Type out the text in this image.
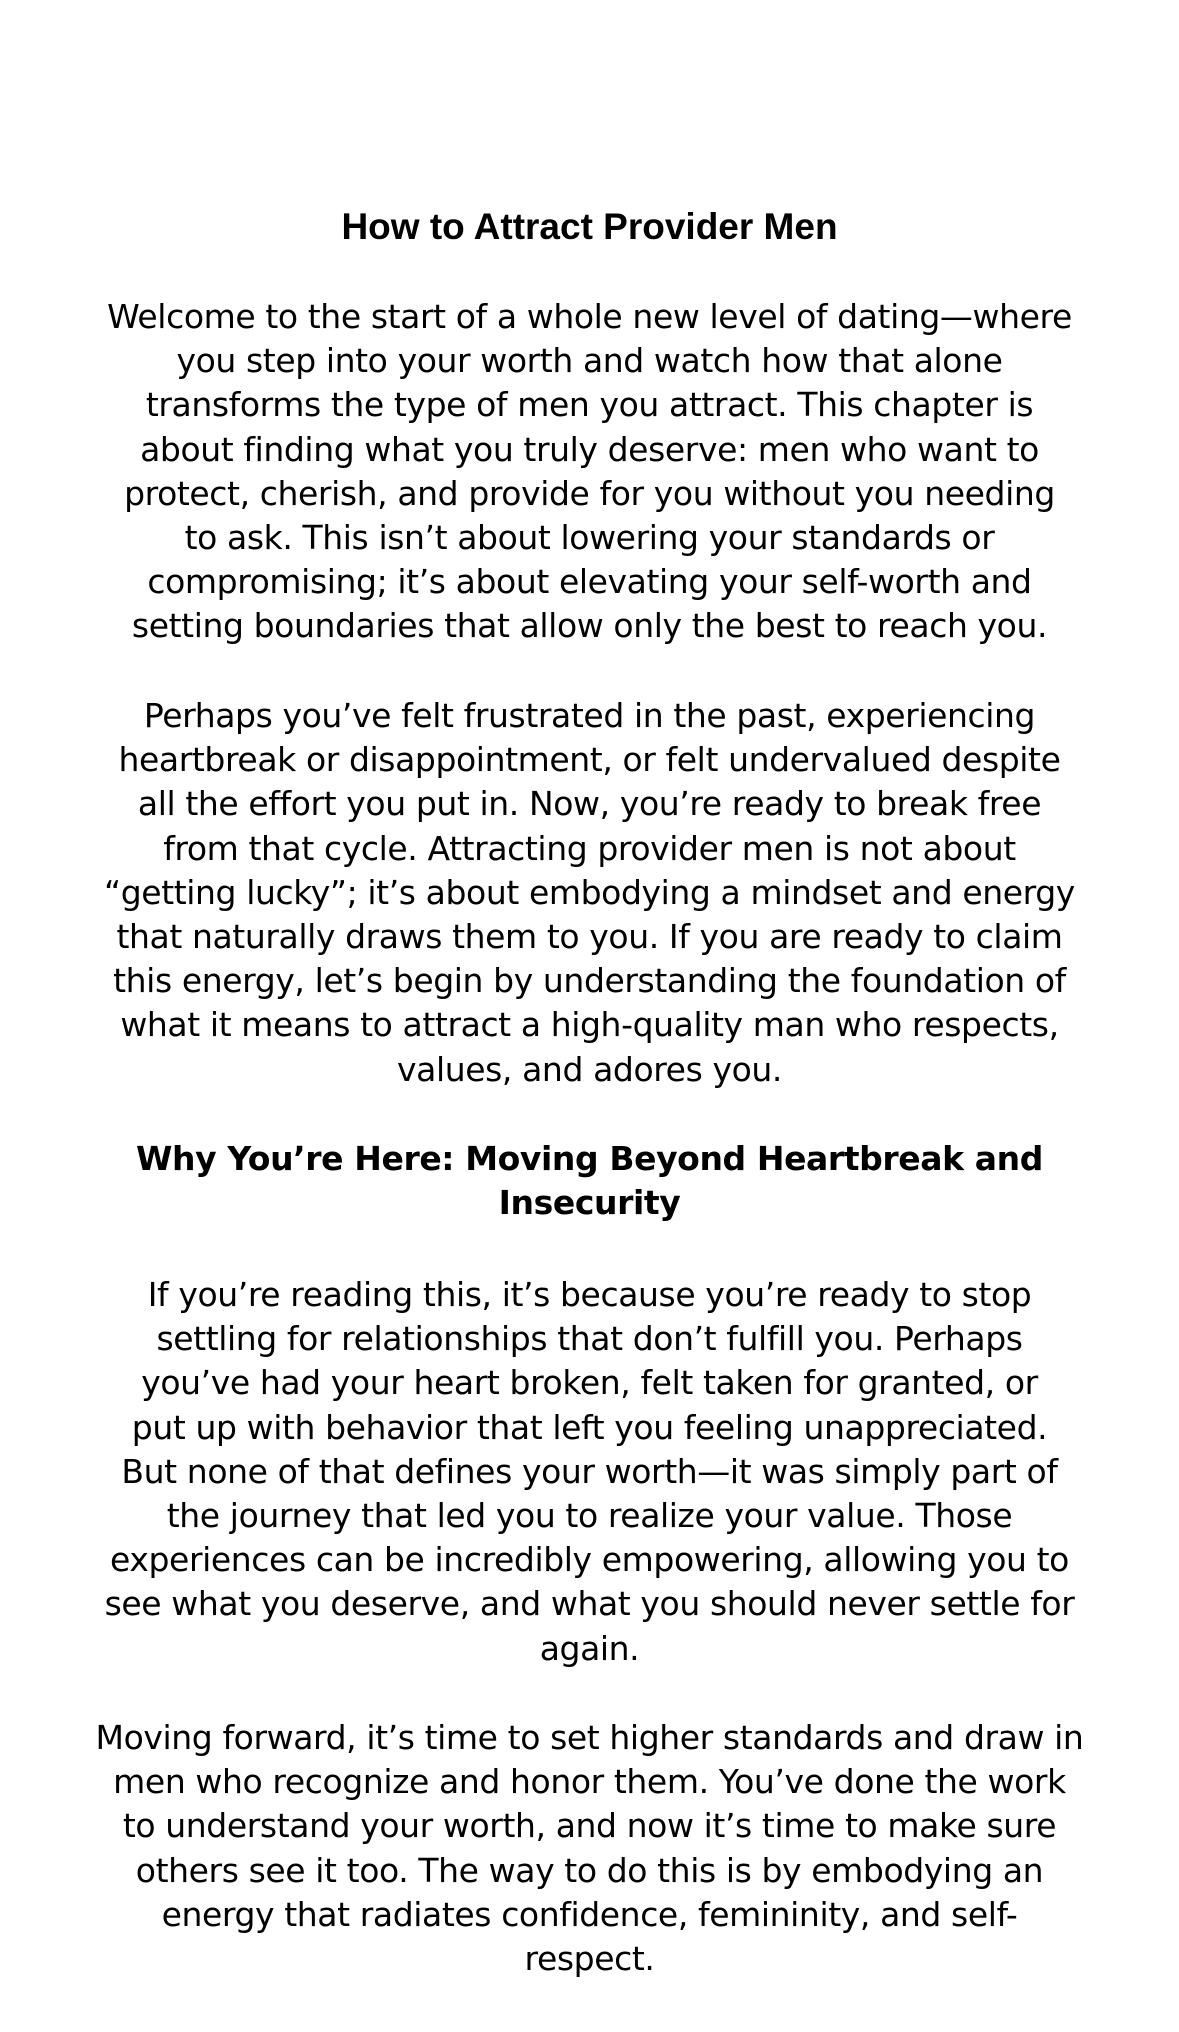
How to Attract Provider Men

Welcome to the start of a whole new level of dating—where
you step into your worth and watch how that alone
transforms the type of men you attract. This chapter is
about finding what you truly deserve: men who want to
protect, cherish, and provide for you without you needing
to ask. This isn’t about lowering your standards or
compromising; it’s about elevating your self-worth and
setting boundaries that allow only the best to reach you.

Perhaps you’ve felt frustrated in the past, experiencing
heartbreak or disappointment, or felt undervalued despite
all the effort you put in. Now, you’re ready to break free
from that cycle. Attracting provider men is not about
“getting lucky”; it’s about embodying a mindset and energy
that naturally draws them to you. If you are ready to claim
this energy, let’s begin by understanding the foundation of
what it means to attract a high-quality man who respects,
values, and adores you.

Why You’re Here: Moving Beyond Heartbreak and
Insecurity

If you’re reading this, it’s because you’re ready to stop
settling for relationships that don’t fulfill you. Perhaps
you’ve had your heart broken, felt taken for granted, or
put up with behavior that left you feeling unappreciated.
But none of that defines your worth—it was simply part of
the journey that led you to realize your value. Those
experiences can be incredibly empowering, allowing you to
see what you deserve, and what you should never settle for
again.

Moving forward, it’s time to set higher standards and draw in
men who recognize and honor them. You’ve done the work
to understand your worth, and now it’s time to make sure
others see it too. The way to do this is by embodying an
energy that radiates confidence, femininity, and self-
respect.
